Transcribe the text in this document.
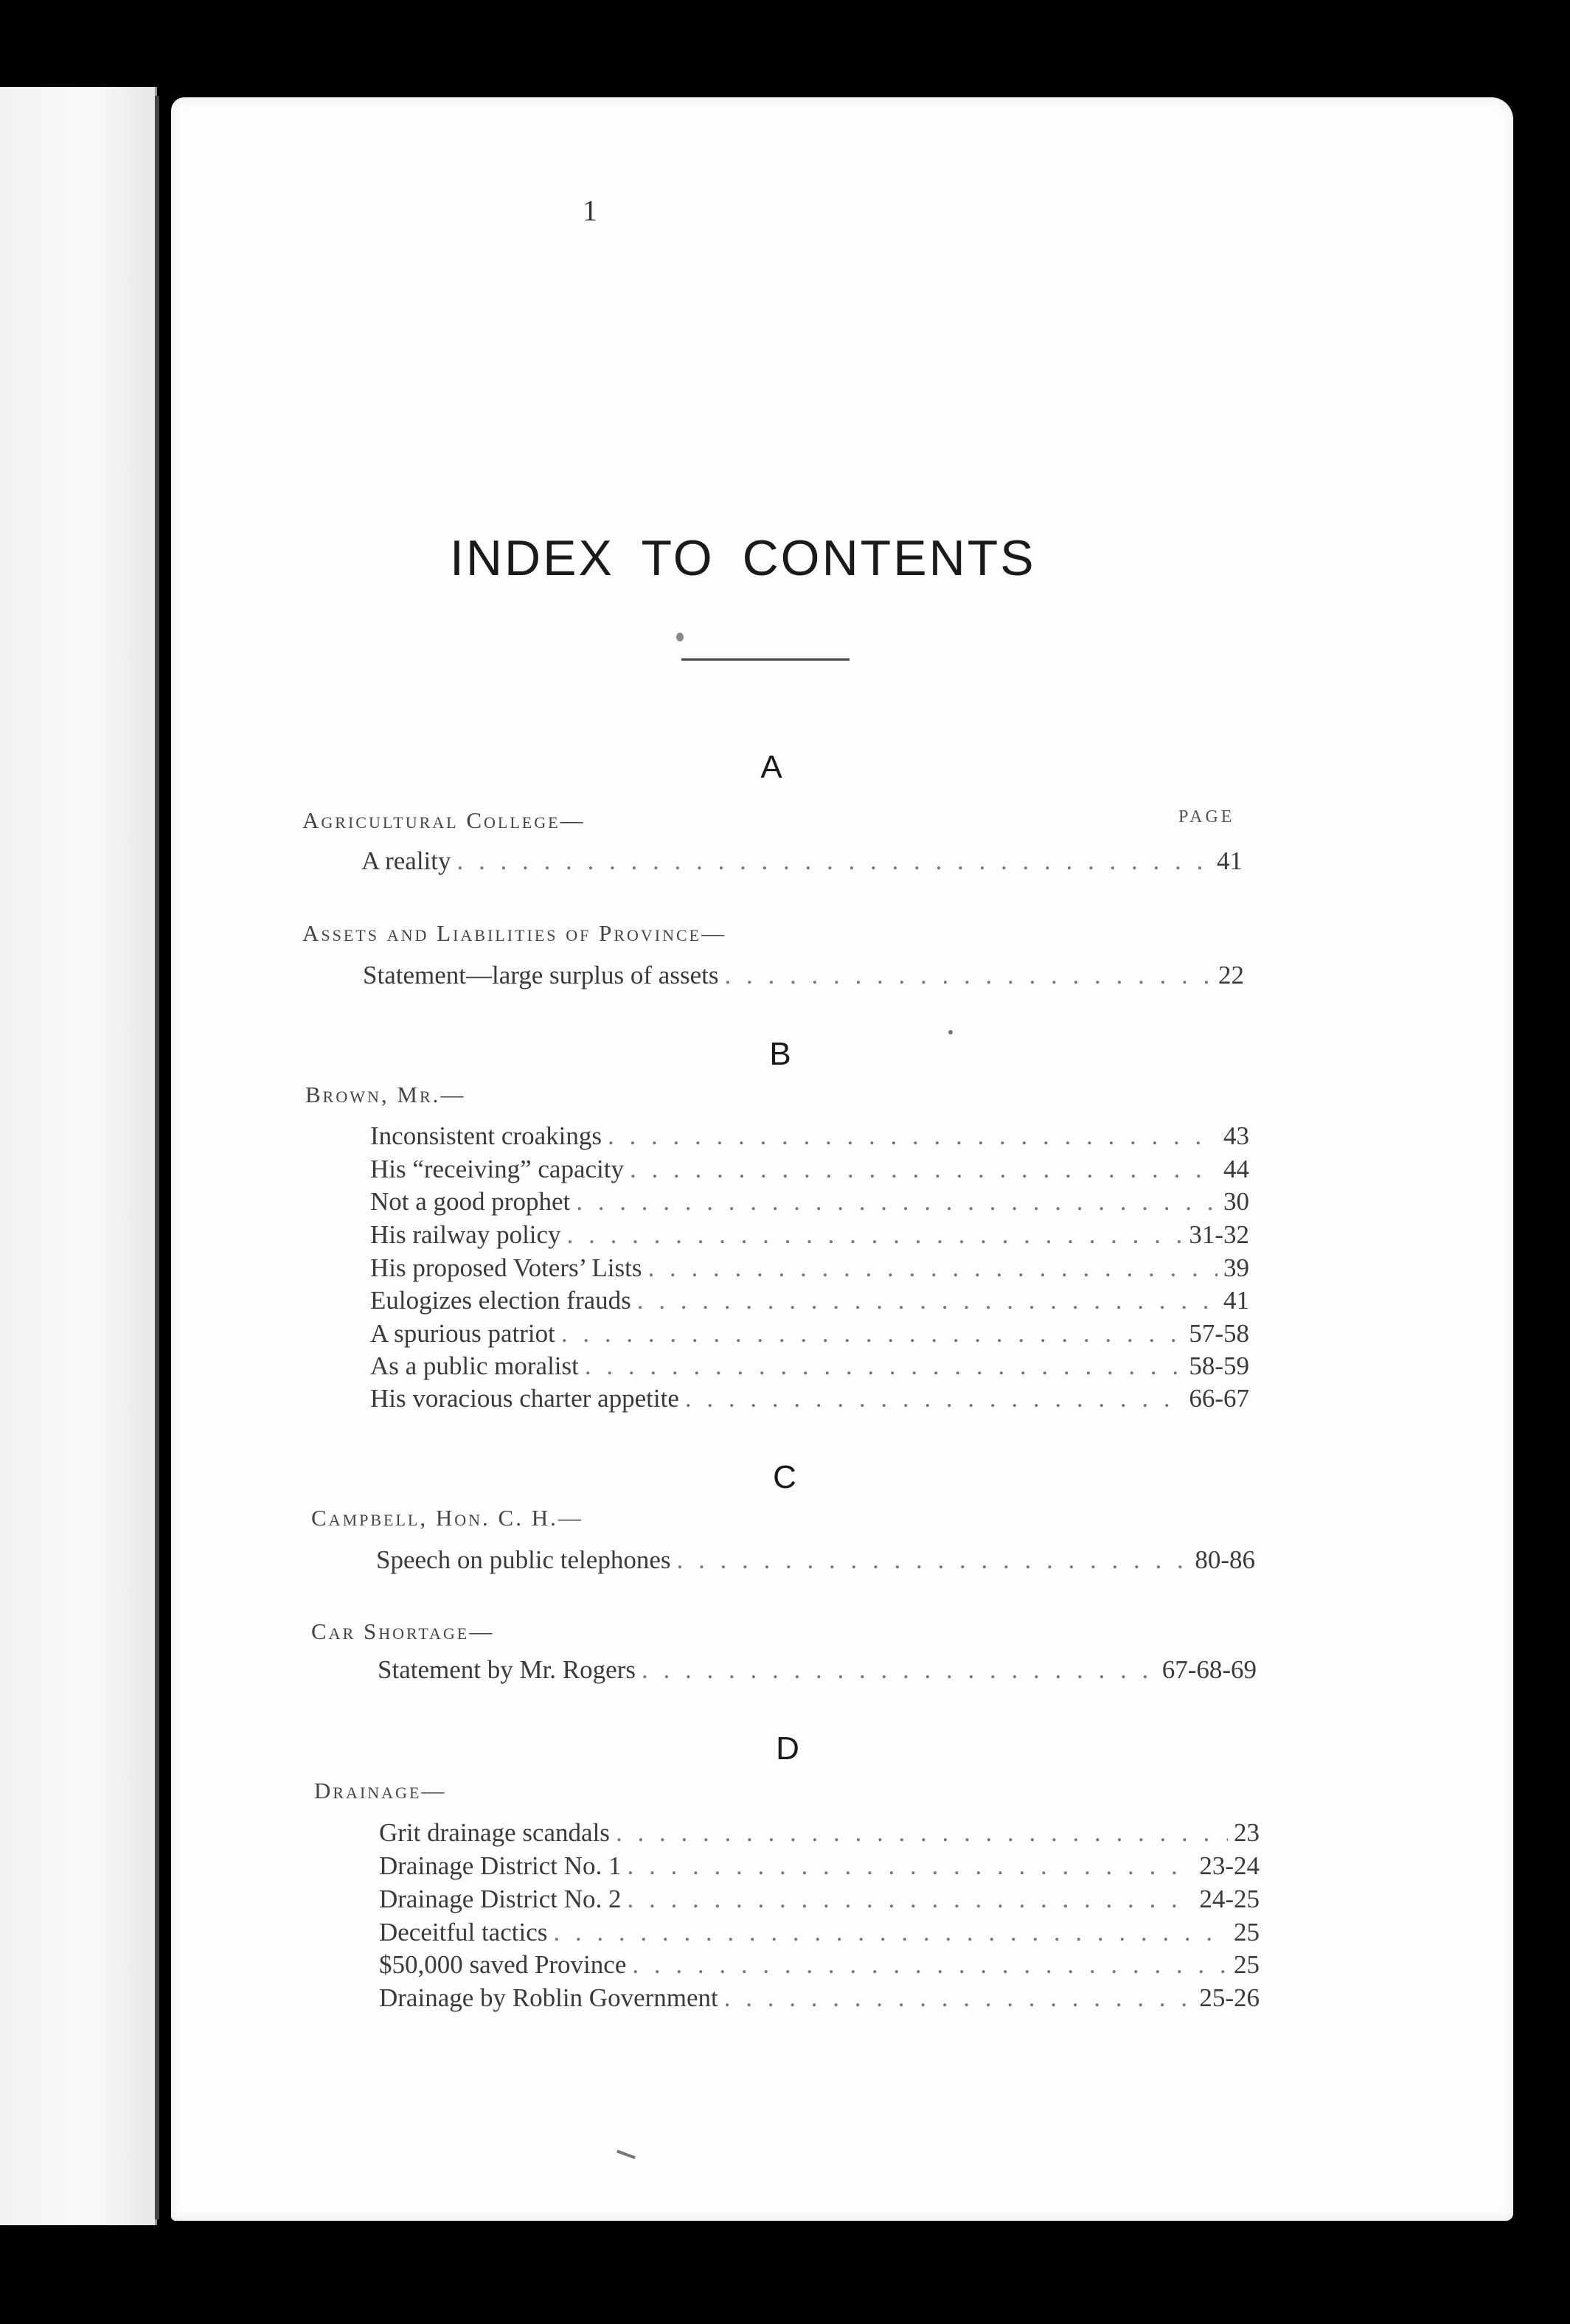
1
INDEX TO CONTENTS
A
PAGE
Agricultural College—
A reality . . .	41
Assets and Liabilities of Province—
Statement—large surplus of assets . . .	22
B
Brown, Mr.—
Inconsistent croakings . . .	43
His “receiving” capacity . . .	44
Not a good prophet . . .	30
His railway policy . . .	31-32
His proposed Voters’ Lists . . .	39
Eulogizes election frauds . . .	41
A spurious patriot . . .	57-58
As a public moralist . . .	58-59
His voracious charter appetite . . .	66-67
C
Campbell, Hon. C. H.—
Speech on public telephones . . .	80-86
Car Shortage—
Statement by Mr. Rogers . . .	67-68-69
D
Drainage—
Grit drainage scandals . . .	23
Drainage District No. 1 . . .	23-24
Drainage District No. 2 . . .	24-25
Deceitful tactics . . .	25
$50,000 saved Province . . .	25
Drainage by Roblin Government . . .	25-26
